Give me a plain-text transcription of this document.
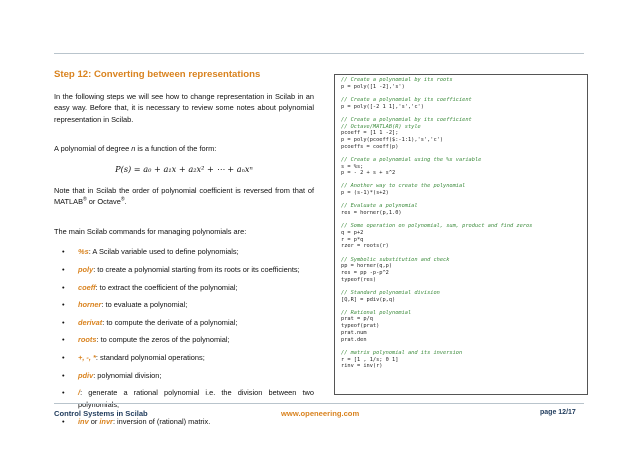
Step 12: Converting between representations

In the following steps we will see how to change representation in Scilab in an easy way. Before that, it is necessary to review some notes about polynomial representation in Scilab.

A polynomial of degree n is a function of the form:

P(s) = a₀ + a₁x + a₂x² + ⋯ + aₙxⁿ

Note that in Scilab the order of polynomial coefficient is reversed from that of MATLAB® or Octave®.

The main Scilab commands for managing polynomials are:

• %s: A Scilab variable used to define polynomials;
• poly: to create a polynomial starting from its roots or its coefficients;
• coeff: to extract the coefficient of the polynomial;
• horner: to evaluate a polynomial;
• derivat: to compute the derivate of a polynomial;
• roots: to compute the zeros of the polynomial;
• +, -, *: standard polynomial operations;
• pdiv: polynomial division;
• /: generate a rational polynomial i.e. the division between two polynomials;
• inv or invr: inversion of (rational) matrix.
// Create a polynomial by its roots
p = poly([1 -2],'s')
// Create a polynomial by its coefficient
p = poly([-2 1 1],'s','c')
// Create a polynomial by its coefficient
// Octave/MATLAB(R) style
pcoeff = [1 1 -2];
p = poly(pcoeff($:-1:1),'s','c')
pcoeffs = coeff(p)
// Create a polynomial using the %s variable
s = %s;
p = - 2 + s + s^2
// Another way to create the polynomial
p = (s-1)*(s+2)
// Evaluate a polynomial
res = horner(p,1.0)
// Some operation on polynomial, sum, product and find zeros
q = p+2
r = p*q
rzer = roots(r)
// Symbolic substitution and check
pp = horner(q,p)
res = pp -p-p^2
typeof(res)
// Standard polynomial division
[Q,R] = pdiv(p,q)
// Rational polynomial
prat = p/q
typeof(prat)
prat.num
prat.den
// matrix polynomial and its inversion
r = [1 , 1/s; 0 1]
rinv = inv(r)
Control Systems in Scilab	www.openeering.com	page 12/17
